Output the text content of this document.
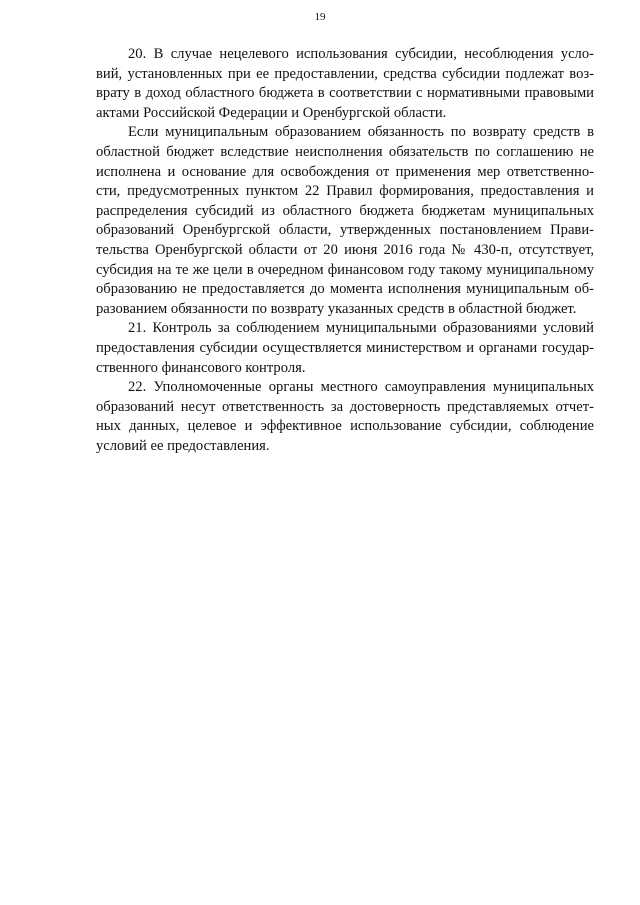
19

20. В случае нецелевого использования субсидии, несоблюдения усло-
вий, установленных при ее предоставлении, средства субсидии подлежат воз-
врату в доход областного бюджета в соответствии с нормативными правовыми
актами Российской Федерации и Оренбургской области.

Если муниципальным образованием обязанность по возврату средств в
областной бюджет вследствие неисполнения обязательств по соглашению не
исполнена и основание для освобождения от применения мер ответственно-
сти, предусмотренных пунктом 22 Правил формирования, предоставления и
распределения субсидий из областного бюджета бюджетам муниципальных
образований Оренбургской области, утвержденных постановлением Прави-
тельства Оренбургской области от 20 июня 2016 года № 430-п, отсутствует,
субсидия на те же цели в очередном финансовом году такому муниципальному
образованию не предоставляется до момента исполнения муниципальным об-
разованием обязанности по возврату указанных средств в областной бюджет.

21. Контроль за соблюдением муниципальными образованиями условий
предоставления субсидии осуществляется министерством и органами государ-
ственного финансового контроля.

22. Уполномоченные органы местного самоуправления муниципальных
образований несут ответственность за достоверность представляемых отчет-
ных данных, целевое и эффективное использование субсидии, соблюдение
условий ее предоставления.
